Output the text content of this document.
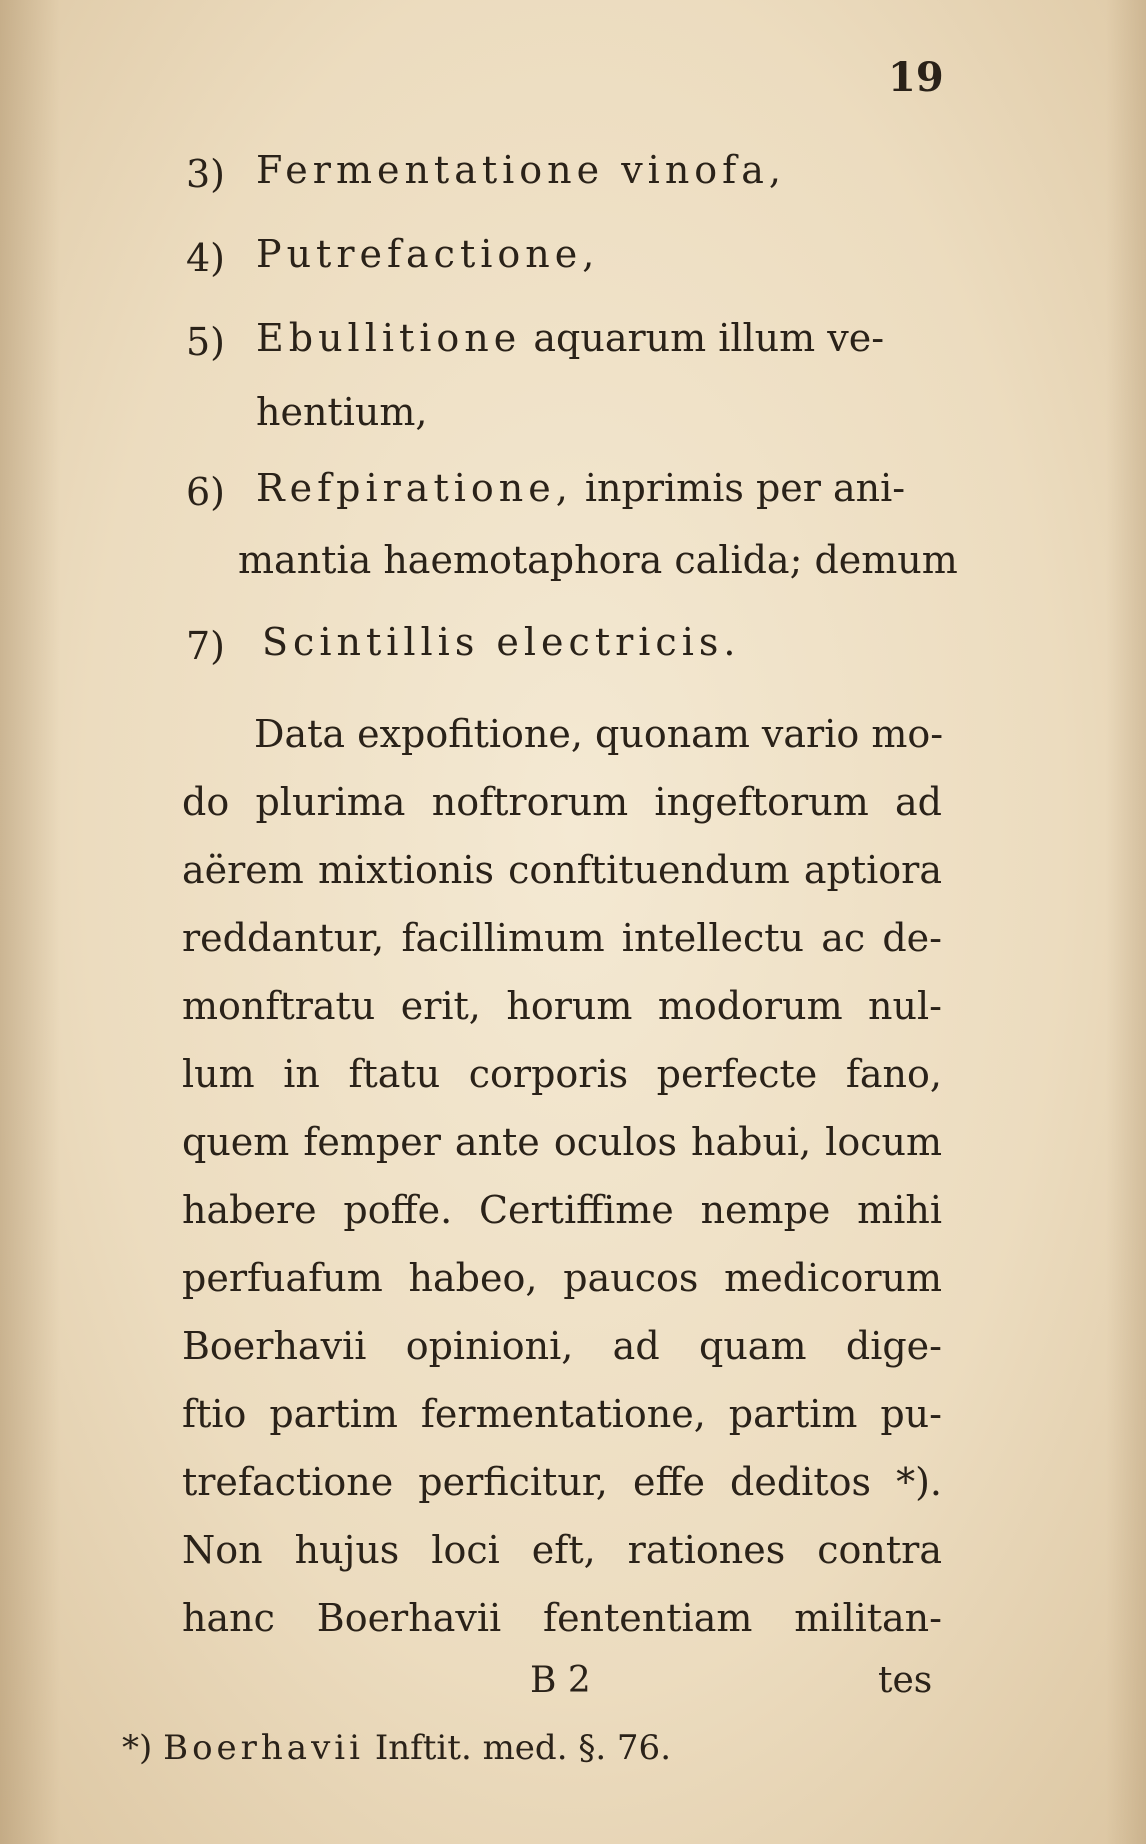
19
3) Fermentatione vinofa,
4) Putrefactione,
5) Ebullitione aquarum illum ve-
hentium,
6) Refpiratione, inprimis per ani-
mantia haemotaphora calida; demum
7) Scintillis electricis.
Data expofitione, quonam vario mo-
do plurima noftrorum ingeftorum ad
aërem mixtionis conftituendum aptiora
reddantur, facillimum intellectu ac de-
monftratu erit, horum modorum nul-
lum in ftatu corporis perfecte fano,
quem femper ante oculos habui, locum
habere poffe. Certiffime nempe mihi
perfuafum habeo, paucos medicorum
Boerhavii opinioni, ad quam dige-
ftio partim fermentatione, partim pu-
trefactione perficitur, effe deditos *).
Non hujus loci eft, rationes contra
hanc Boerhavii fententiam militan-
B 2	tes
*) Boerhavii Inftit. med. §. 76.
